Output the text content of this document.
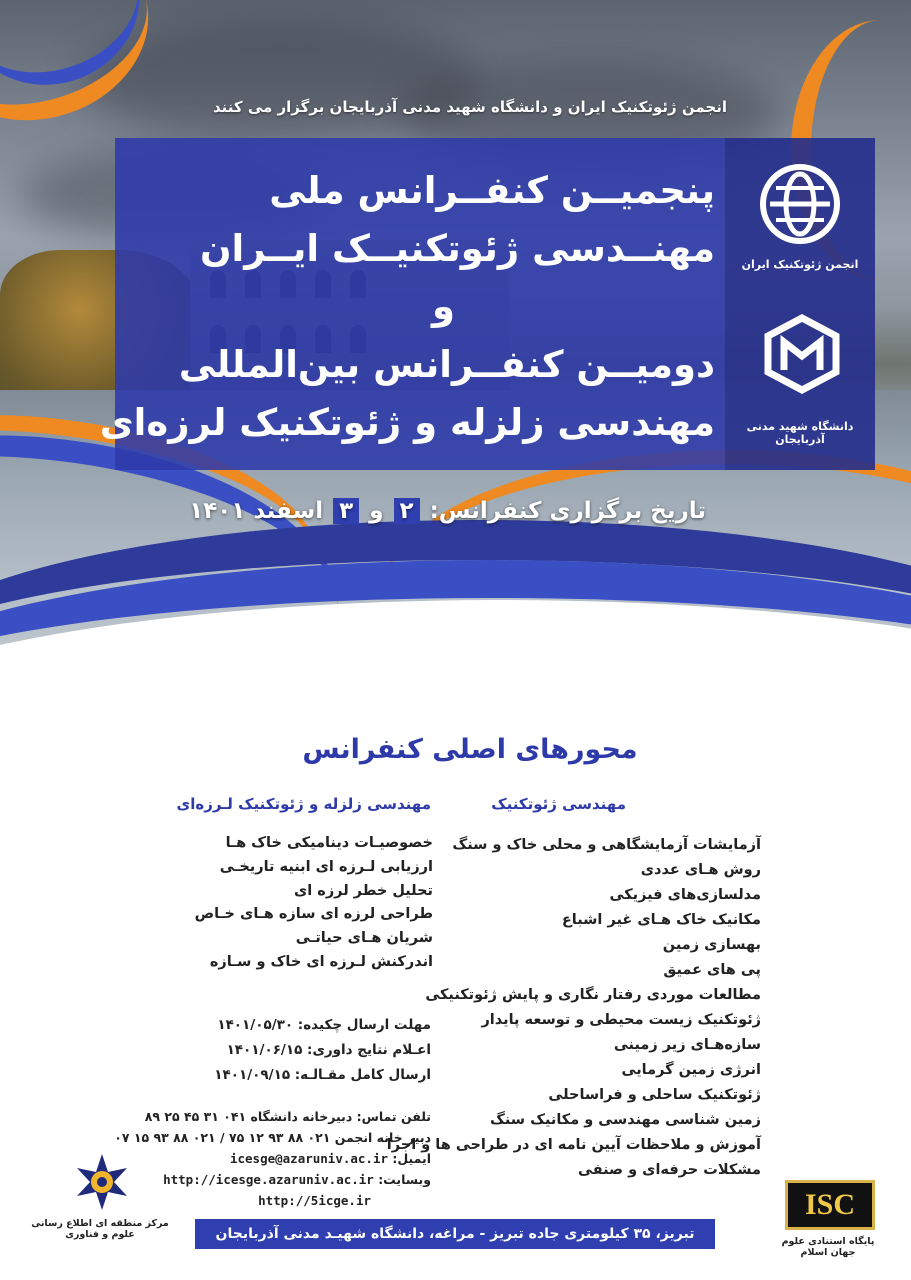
انجمن ژئوتکنیک ایران و دانشگاه شهید مدنی آذربایجان برگزار می کنند
پنجمیــن کنفــرانس ملی
مهنــدسی ژئوتکنیــک ایــران
و
دومیــن کنفــرانس بین‌المللی
مهندسی زلزله و ژئوتکنیک لرزه‌ای
انجمن ژئوتکنیک ایران
دانشگاه شهید مدنی آذربایجان
تاریخ برگزاری کنفرانس: ۲ و ۳ اسفند ۱۴۰۱
محورهای اصلی کنفرانس
مهندسی ژئوتکنیک
مهندسی زلزله و ژئوتکنیک لـرزه‌ای
آزمایشات آزمایشگاهی و محلی خاک و سنگ
روش هـای عددی
مدلسازی‌های فیزیکی
مکانیک خاک هـای غیر اشباع
بهسازی زمین
پی های عمیق
مطالعات موردی رفتار نگاری و پایش ژئوتکنیکی
ژئوتکنیک زیست محیطی و توسعه پایدار
سازه‌هـای زیر زمینی
انرژی زمین گرمایی
ژئوتکنیک ساحلی و فراساحلی
زمین شناسی مهندسی و مکانیک سنگ
آموزش و ملاحظات آیین نامه ای در طراحی ها و اجرا
مشکلات حرفه‌ای و صنفی
خصوصیـات دینامیکی خاک هـا
ارزیابی لـرزه ای ابنیه تاریخـی
تحلیل خطر لرزه ای
طراحی لرزه ای سازه هـای خـاص
شریان هـای حیاتـی
اندرکنش لـرزه ای خاک و سـازه
مهلت ارسال چکیده: ۱۴۰۱/۰۵/۳۰
اعـلام نتایج داوری: ۱۴۰۱/۰۶/۱۵
ارسال کامل مقـالـه: ۱۴۰۱/۰۹/۱۵
تلفن تماس: دبیرخانه دانشگاه ۰۴۱ ۳۱ ۴۵ ۲۵ ۸۹
دبیر خانه انجمن ۰۲۱ ۸۸ ۹۳ ۱۲ ۷۵ / ۰۲۱ ۸۸ ۹۳ ۱۵ ۰۷
ایمیل: icesge@azaruniv.ac.ir
وبسایت: http://icesge.azaruniv.ac.ir
http://5icge.ir
مرکز منطقه ای اطلاع رسانی علوم و فناوری	تبریز، ۳۵ کیلومتری جاده تبریز - مراغه، دانشگاه شهیـد مدنی آذربایجان
ISC
پایگاه استنادی علوم جهان اسلام
